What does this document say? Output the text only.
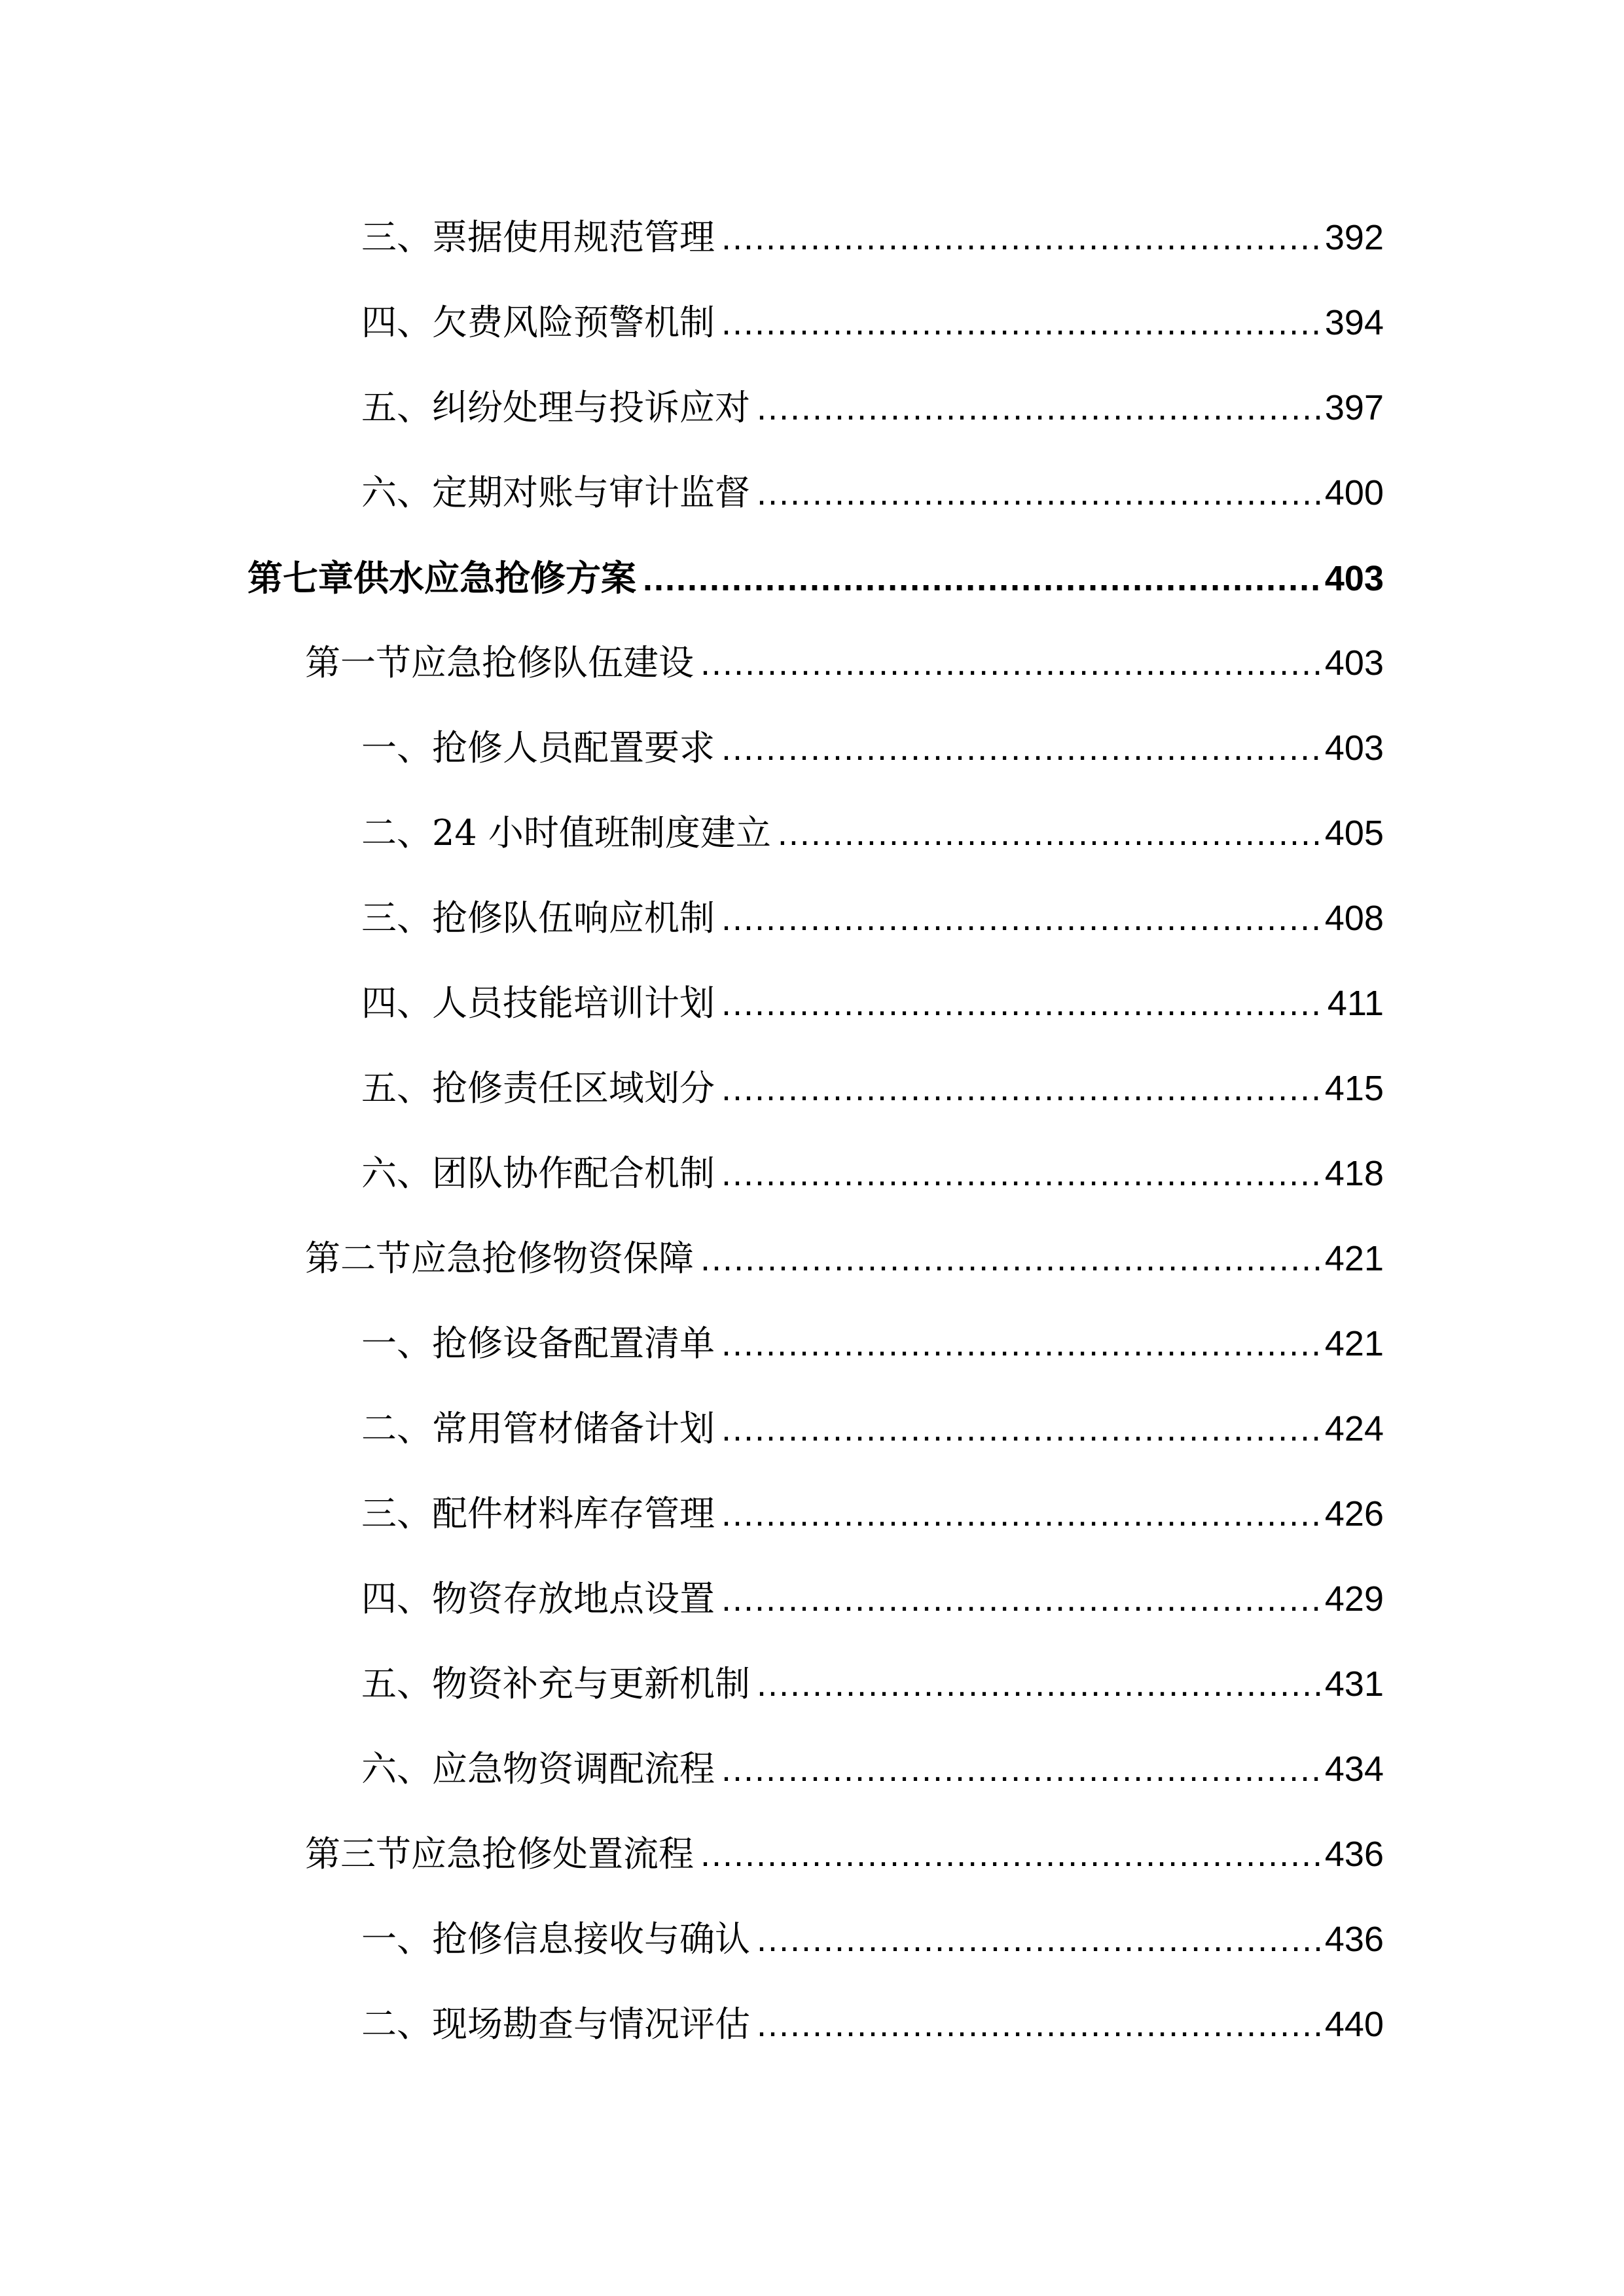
三、票据使用规范管理 .....	392
四、欠费风险预警机制 .....	394
五、纠纷处理与投诉应对 .....	397
六、定期对账与审计监督 .....	400
第七章供水应急抢修方案 .....	403
第一节应急抢修队伍建设 .....	403
一、抢修人员配置要求 .....	403
二、24 小时值班制度建立 .....	405
三、抢修队伍响应机制 .....	408
四、人员技能培训计划 .....	411
五、抢修责任区域划分 .....	415
六、团队协作配合机制 .....	418
第二节应急抢修物资保障 .....	421
一、抢修设备配置清单 .....	421
二、常用管材储备计划 .....	424
三、配件材料库存管理 .....	426
四、物资存放地点设置 .....	429
五、物资补充与更新机制 .....	431
六、应急物资调配流程 .....	434
第三节应急抢修处置流程 .....	436
一、抢修信息接收与确认 .....	436
二、现场勘查与情况评估 .....	440
